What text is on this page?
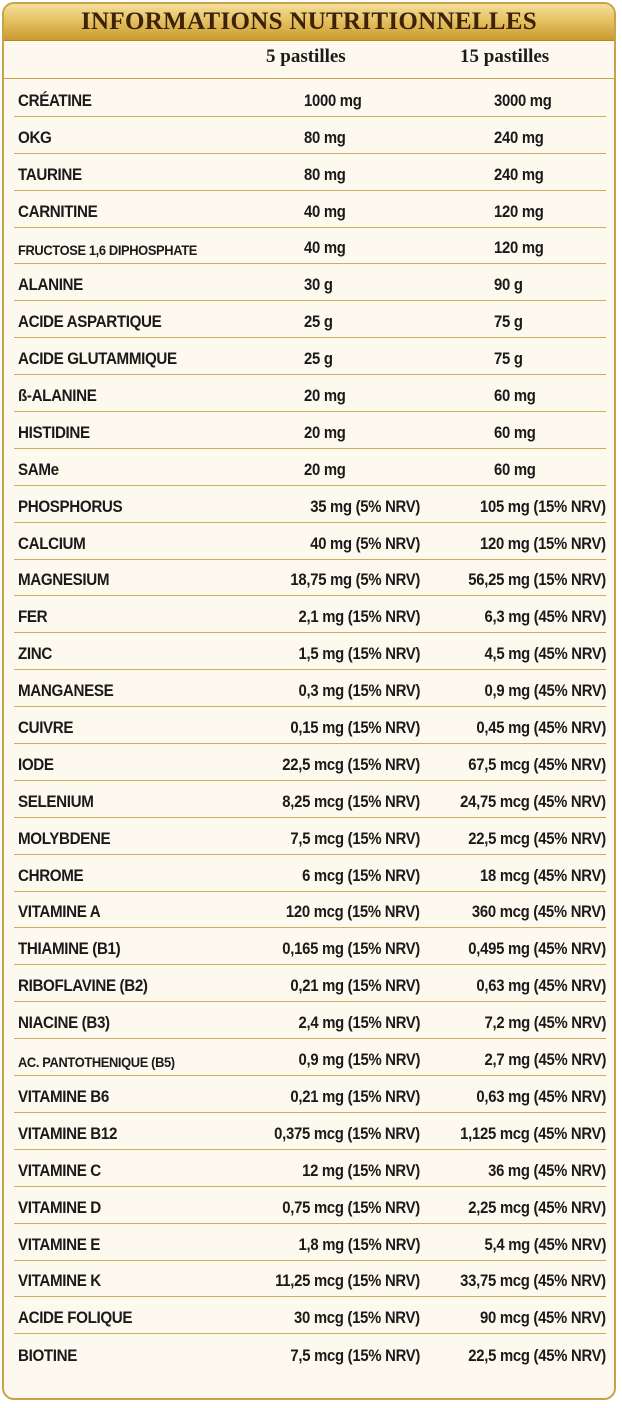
INFORMATIONS NUTRITIONNELLES
5 pastilles	15 pastilles
CRÉATINE	1000 mg	3000 mg
OKG	80 mg	240 mg
TAURINE	80 mg	240 mg
CARNITINE	40 mg	120 mg
FRUCTOSE 1,6 DIPHOSPHATE	40 mg	120 mg
ALANINE	30 g	90 g
ACIDE ASPARTIQUE	25 g	75 g
ACIDE GLUTAMMIQUE	25 g	75 g
ß-ALANINE	20 mg	60 mg
HISTIDINE	20 mg	60 mg
SAMe	20 mg	60 mg
PHOSPHORUS	35 mg (5% NRV)	105 mg (15% NRV)
CALCIUM	40 mg (5% NRV)	120 mg (15% NRV)
MAGNESIUM	18,75 mg (5% NRV)	56,25 mg (15% NRV)
FER	2,1 mg (15% NRV)	6,3 mg (45% NRV)
ZINC	1,5 mg (15% NRV)	4,5 mg (45% NRV)
MANGANESE	0,3 mg (15% NRV)	0,9 mg (45% NRV)
CUIVRE	0,15 mg (15% NRV)	0,45 mg (45% NRV)
IODE	22,5 mcg (15% NRV)	67,5 mcg (45% NRV)
SELENIUM	8,25 mcg (15% NRV) 24,75 mcg (45% NRV)
MOLYBDENE	7,5 mcg (15% NRV)	22,5 mcg (45% NRV)
CHROME	6 mcg (15% NRV)	18 mcg (45% NRV)
VITAMINE A	120 mcg (15% NRV)	360 mcg (45% NRV)
THIAMINE (B1)	0,165 mg (15% NRV)	0,495 mg (45% NRV)
RIBOFLAVINE (B2)	0,21 mg (15% NRV)	0,63 mg (45% NRV)
NIACINE (B3)	2,4 mg (15% NRV)	7,2 mg (45% NRV)
AC. PANTOTHENIQUE (B5)	0,9 mg (15% NRV)	2,7 mg (45% NRV)
VITAMINE B6	0,21 mg (15% NRV)	0,63 mg (45% NRV)
VITAMINE B12	0,375 mcg (15% NRV) 1,125 mcg (45% NRV)
VITAMINE C	12 mg (15% NRV)	36 mg (45% NRV)
VITAMINE D	0,75 mcg (15% NRV)	2,25 mcg (45% NRV)
VITAMINE E	1,8 mg (15% NRV)	5,4 mg (45% NRV)
VITAMINE K	11,25 mcg (15% NRV) 33,75 mcg (45% NRV)
ACIDE FOLIQUE	30 mcg (15% NRV)	90 mcg (45% NRV)
BIOTINE	7,5 mcg (15% NRV)	22,5 mcg (45% NRV)
